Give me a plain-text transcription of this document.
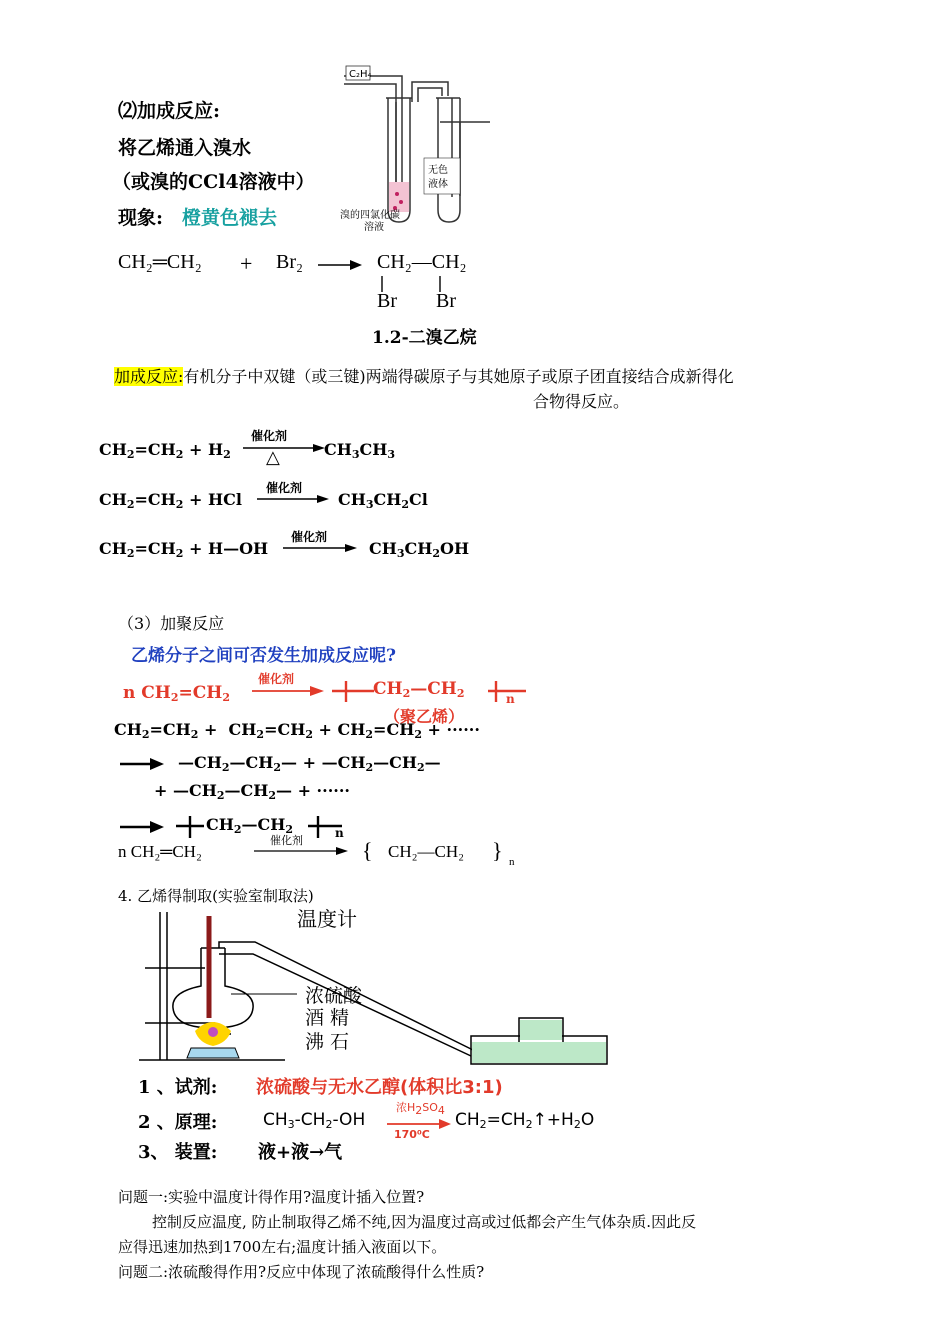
⑵加成反应:
将乙烯通入溴水
（或溴的CCl4溶液中）
现象: 橙黄色褪去
C₂H₄
无色
液体
溴的四氯化碳
溶液
CH₂═CH₂ + Br₂	CH₂—CH₂
Br Br
1.2-二溴乙烷
加成反应:有机分子中双键（或三键)两端得碳原子与其她原子或原子团直接结合成新得化
合物得反应。
$CH_2=CH_2 + H_2$
催化剂
△	$CH_3CH_3$
$CH_2=CH_2$ + HCl
催化剂
$CH_3CH_2Cl$
$CH_2=CH_2$ + H—OH
催化剂
$CH_3CH_2OH$
（3）加聚反应
乙烯分子之间可否发生加成反应呢?
n $CH_2=CH_2$
催化剂	$CH_2—CH_2$	n
（聚乙烯）
$CH_2=CH_2 + CH_2=CH_2 + CH_2=CH_2$ + ······
$—CH_2—CH_2—$ + $—CH_2—CH_2—$
+ $—CH_2—CH_2—$ + ······
$CH_2—CH_2$	n
n CH₂═CH₂
催化剂	{ CH₂—CH₂ } n
4. 乙烯得制取(实验室制取法)
温度计
浓硫酸
酒 精
沸 石
1 、试剂: 浓硫酸与无水乙醇(体积比3:1)
2 、原理:	$CH_3-CH_2-OH$
浓$H_2SO_4$
170⁰C
$CH_2=CH_2↑+H_2O$
3、 装置: 液+液→气
问题一:实验中温度计得作用?温度计插入位置?
控制反应温度, 防止制取得乙烯不纯,因为温度过高或过低都会产生气体杂质.因此反
应得迅速加热到1700左右;温度计插入液面以下。
问题二:浓硫酸得作用?反应中体现了浓硫酸得什么性质?
